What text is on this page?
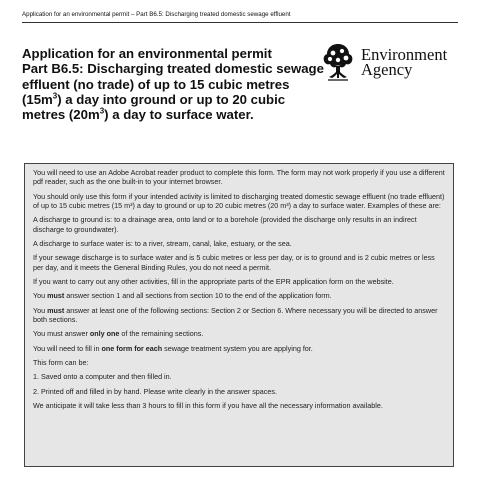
Application for an environmental permit – Part B6.5: Discharging treated domestic sewage effluent
Application for an environmental permit
Part B6.5: Discharging treated domestic sewage effluent (no trade) of up to 15 cubic metres $(15m^3)$ a day into ground or up to 20 cubic metres $(20m^3)$ a day to surface water.
Environment
Agency

You will need to use an Adobe Acrobat reader product to complete this form. The form may not work properly if you use a different pdf reader, such as the one built-in to your internet browser.

You should only use this form if your intended activity is limited to discharging treated domestic sewage effluent (no trade effluent) of up to 15 cubic metres (15 m³) a day to ground or up to 20 cubic metres (20 m³) a day to surface water. Examples of these are:

A discharge to ground is: to a drainage area, onto land or to a borehole (provided the discharge only results in an indirect discharge to groundwater).

A discharge to surface water is: to a river, stream, canal, lake, estuary, or the sea.

If your sewage discharge is to surface water and is 5 cubic metres or less per day, or is to ground and is 2 cubic metres or less per day, and it meets the General Binding Rules, you do not need a permit.

If you want to carry out any other activities, fill in the appropriate parts of the EPR application form on the website.

You must answer section 1 and all sections from section 10 to the end of the application form.

You must answer at least one of the following sections: Section 2 or Section 6. Where necessary you will be directed to answer both sections.

You must answer only one of the remaining sections.

You will need to fill in one form for each sewage treatment system you are applying for.

This form can be:

1. Saved onto a computer and then filled in.

2. Printed off and filled in by hand. Please write clearly in the answer spaces.

We anticipate it will take less than 3 hours to fill in this form if you have all the necessary information available.
